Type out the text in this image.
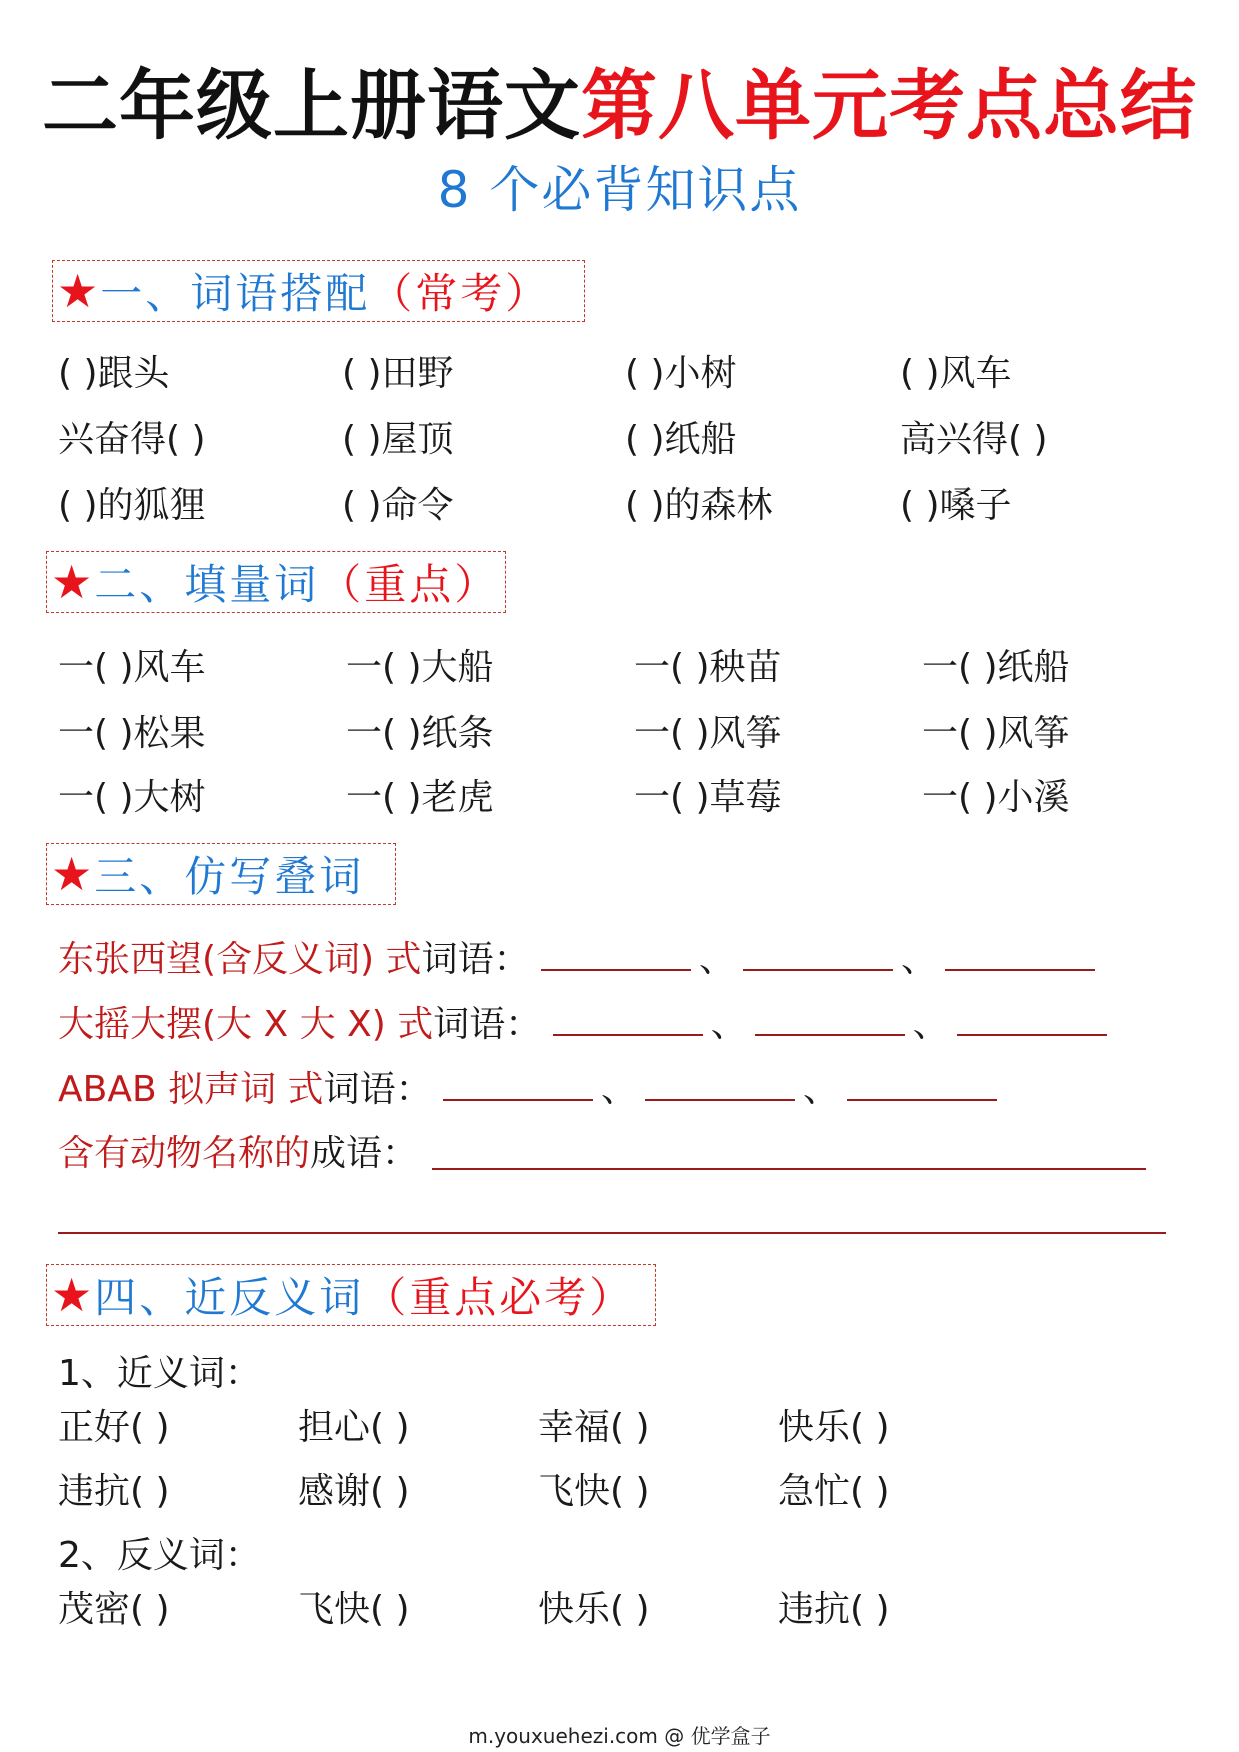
二年级上册语文第八单元考点总结
8 个必背知识点
★ 一、词语搭配 （常考）
( )跟头	( )田野	( )小树	( )风车
兴奋得( )	( )屋顶	( )纸船	高兴得( )
( )的狐狸	( )命令	( )的森林	( )嗓子
★ 二、填量词 （重点）
一( )风车	一( )大船	一( )秧苗	一( )纸船
一( )松果	一( )纸条	一( )风筝	一( )风筝
一( )大树	一( )老虎	一( )草莓	一( )小溪
★ 三、仿写叠词
东张西望(含反义词) 式词语：	、	、
大摇大摆(大 X 大 X) 式词语：	、	、
ABAB 拟声词 式词语：	、	、
含有动物名称的成语：
★ 四、近反义词 （重点必考）
1、近义词：
正好( )	担心( )	幸福( )	快乐( )
违抗( )	感谢( )	飞快( )	急忙( )
2、反义词：
茂密( )	飞快( )	快乐( )	违抗( )
m.youxuehezi.com @ 优学盒子
